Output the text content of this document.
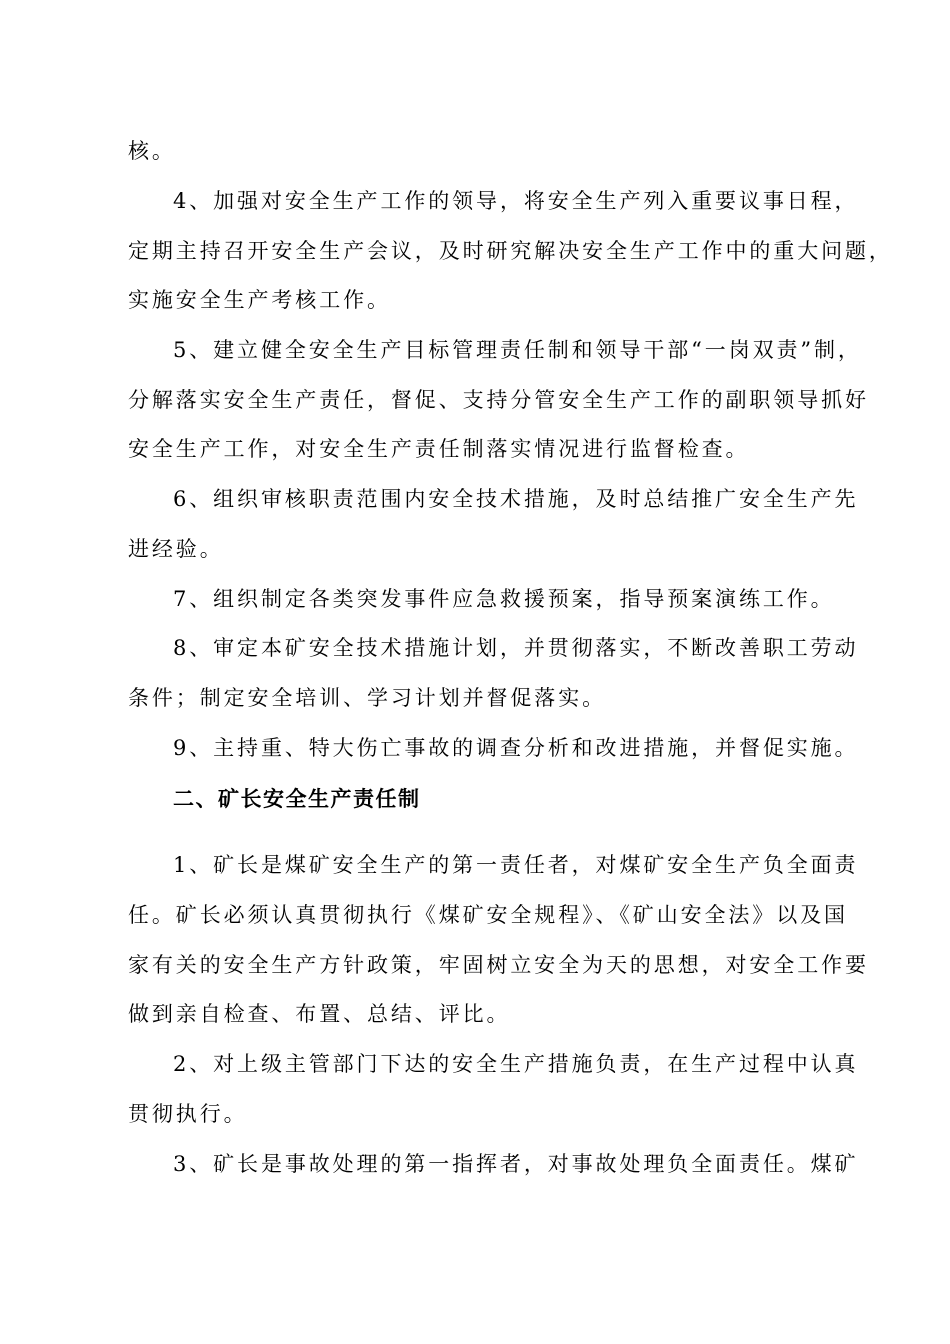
核。
4、加强对安全生产工作的领导，将安全生产列入重要议事日程，
定期主持召开安全生产会议，及时研究解决安全生产工作中的重大问题，
实施安全生产考核工作。
5、建立健全安全生产目标管理责任制和领导干部“一岗双责”制，
分解落实安全生产责任，督促、支持分管安全生产工作的副职领导抓好
安全生产工作，对安全生产责任制落实情况进行监督检查。
6、组织审核职责范围内安全技术措施，及时总结推广安全生产先
进经验。
7、组织制定各类突发事件应急救援预案，指导预案演练工作。
8、审定本矿安全技术措施计划，并贯彻落实，不断改善职工劳动
条件；制定安全培训、学习计划并督促落实。
9、主持重、特大伤亡事故的调查分析和改进措施，并督促实施。
二、矿长安全生产责任制
1、矿长是煤矿安全生产的第一责任者，对煤矿安全生产负全面责
任。矿长必须认真贯彻执行《煤矿安全规程》、《矿山安全法》以及国
家有关的安全生产方针政策，牢固树立安全为天的思想，对安全工作要
做到亲自检查、布置、总结、评比。
2、对上级主管部门下达的安全生产措施负责，在生产过程中认真
贯彻执行。
3、矿长是事故处理的第一指挥者，对事故处理负全面责任。煤矿
